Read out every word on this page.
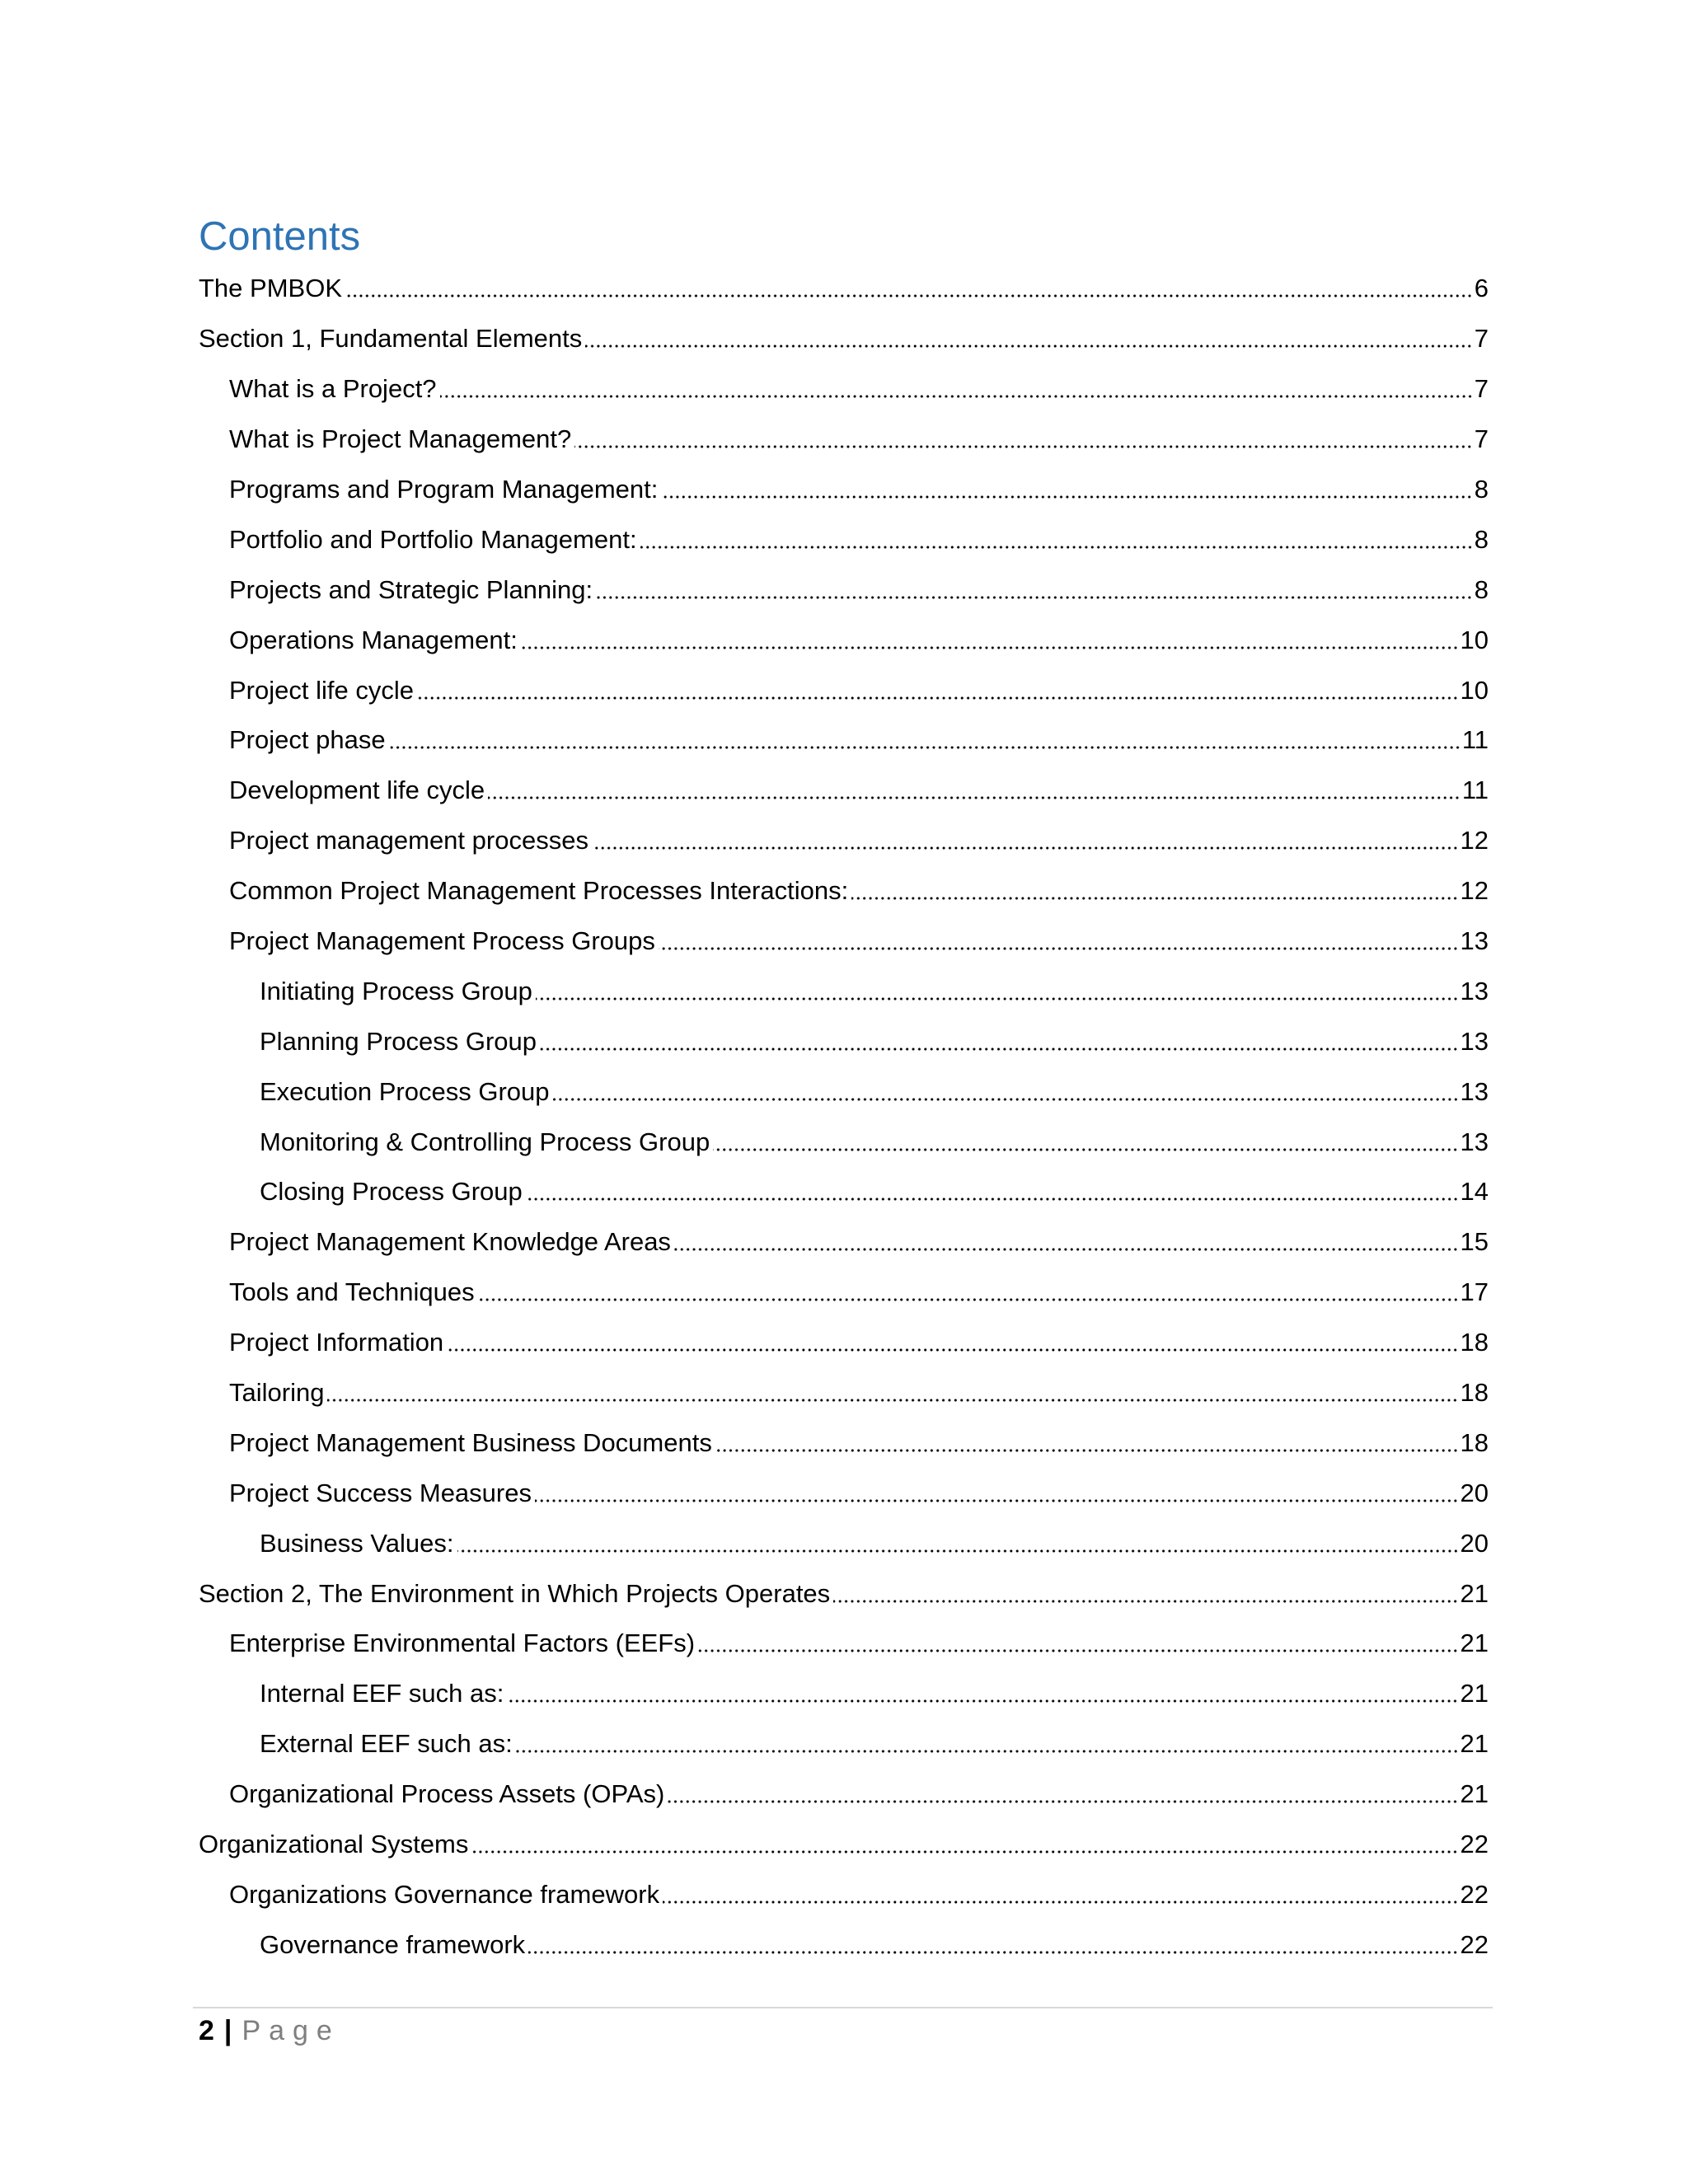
Contents
The PMBOK	6
Section 1, Fundamental Elements	7
What is a Project?	7
What is Project Management?	7
Programs and Program Management:	8
Portfolio and Portfolio Management:	8
Projects and Strategic Planning:	8
Operations Management:	10
Project life cycle	10
Project phase	11
Development life cycle	11
Project management processes	12
Common Project Management Processes Interactions:	12
Project Management Process Groups	13
Initiating Process Group	13
Planning Process Group	13
Execution Process Group	13
Monitoring & Controlling Process Group	13
Closing Process Group	14
Project Management Knowledge Areas	15
Tools and Techniques	17
Project Information	18
Tailoring	18
Project Management Business Documents	18
Project Success Measures	20
Business Values:	20
Section 2, The Environment in Which Projects Operates	21
Enterprise Environmental Factors (EEFs)	21
Internal EEF such as:	21
External EEF such as:	21
Organizational Process Assets (OPAs)	21
Organizational Systems	22
Organizations Governance framework	22
Governance framework	22
2 | Page
